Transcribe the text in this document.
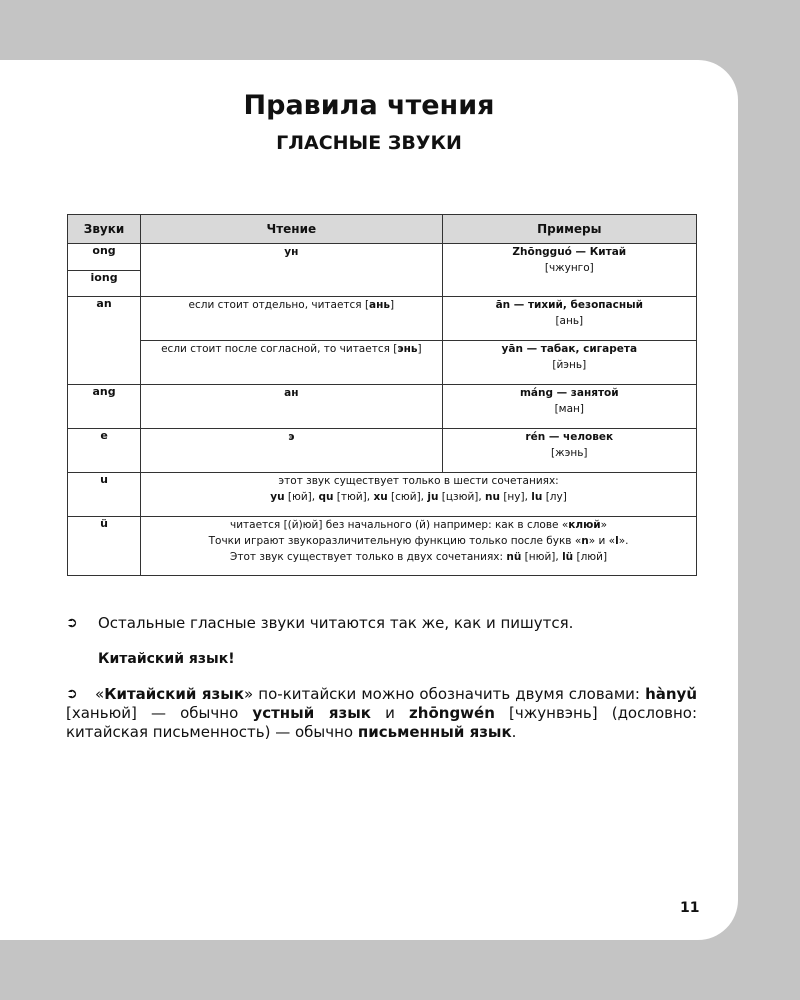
Правила чтения
ГЛАСНЫЕ ЗВУКИ
Звуки	Чтение	Примеры
ong	ун	Zhōngguó — Китай
[чжунго]

iong		
an	если стоит отдельно, читается [ань]	ān — тихий, безопасный
[ань]

	если стоит после согласной, то читается [энь]	yān — табак, сигарета
[йэнь]

ang	ан	máng — занятой
[ман]

e	э	rén — человек
[жэнь]

u	этот звук существует только в шести сочетаниях:
yu [юй], qu [тюй], xu [сюй], ju [цзюй], nu [ну], lu [лу]	

ü	читается [(й)юй] без начального (й) например: как в слове «клюй»
Точки играют звукоразличительную функцию только после букв «n» и «l».
Этот звук существует только в двух сочетаниях: nü [нюй], lü [люй]	
➲ Остальные гласные звуки читаются так же, как и пишутся.
Китайский язык!
➲	«Китайский язык» по-китайски можно обозначить двумя словами: hànyǔ [ханьюй] — обычно устный язык и zhōngwén [чжунвэнь] (дословно: китайская письменность) — обычно письменный язык.
11
